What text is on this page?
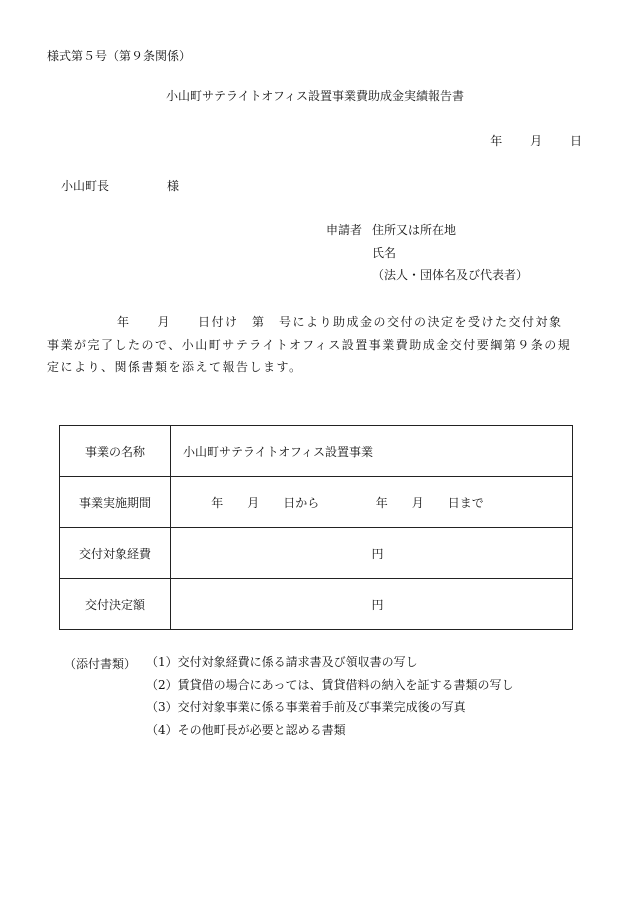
様式第５号（第９条関係）
小山町サテライトオフィス設置事業費助成金実績報告書
年 月 日
小山町長	様
申請者 住所又は所在地
氏名
（法人・団体名及び代表者）

年　　月　　日付け　第　号により助成金の交付の決定を受けた交付対象

事業が完了したので、小山町サテライトオフィス設置事業費助成金交付要綱第９条の規

定により、関係書類を添えて報告します。

事業の名称	小山町サテライトオフィス設置事業
事業実施期間	年　　月　　日から 年　　月　　日まで

交付対象経費	円
交付決定額	円
（添付書類） （1）交付対象経費に係る請求書及び領収書の写し
（2）賃貸借の場合にあっては、賃貸借料の納入を証する書類の写し
（3）交付対象事業に係る事業着手前及び事業完成後の写真
（4）その他町長が必要と認める書類
